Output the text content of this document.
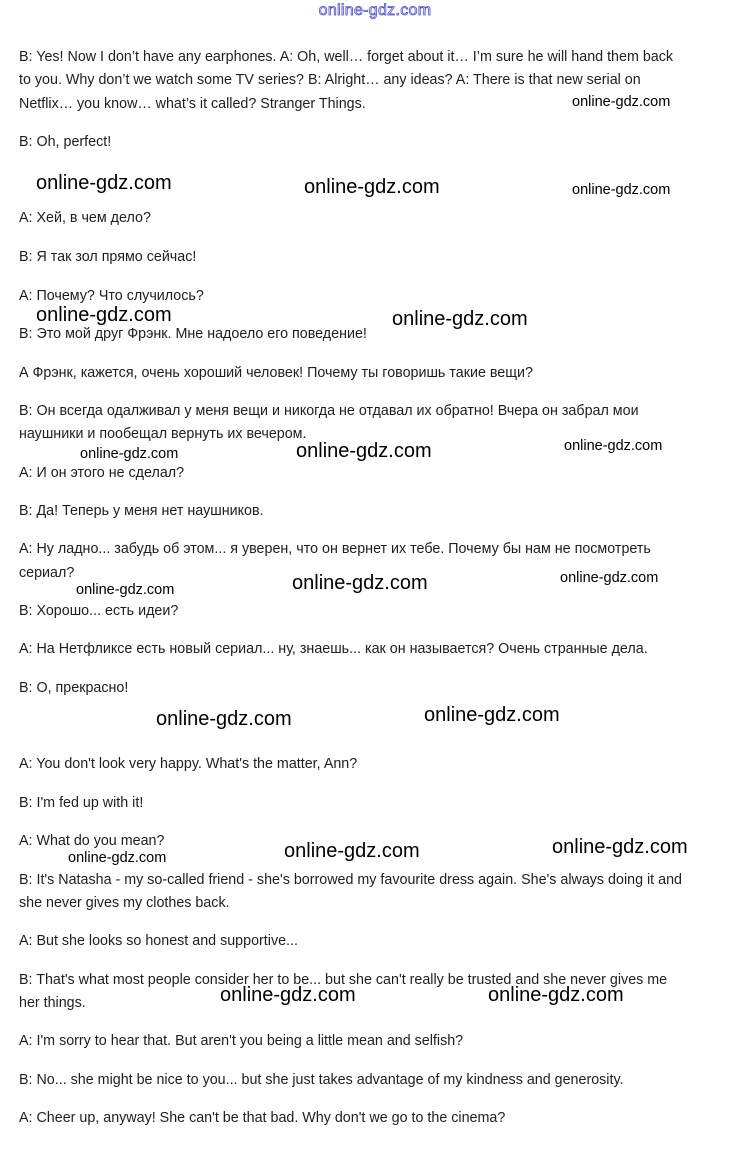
online-gdz.com
B: Yes! Now I don’t have any earphones. A: Oh, well… forget about it… I’m sure he will hand them back
to you. Why don’t we watch some TV series? B: Alright… any ideas? A: There is that new serial on
Netflix… you know… what’s it called? Stranger Things.
B: Oh, perfect!
A: Хей, в чем дело?
B: Я так зол прямо сейчас!
A: Почему? Что случилось?
B: Это мой друг Фрэнк. Мне надоело его поведение!
А Фрэнк, кажется, очень хороший человек! Почему ты говоришь такие вещи?
B: Он всегда одалживал у меня вещи и никогда не отдавал их обратно! Вчера он забрал мои
наушники и пообещал вернуть их вечером.
A: И он этого не сделал?
B: Да! Теперь у меня нет наушников.
A: Ну ладно... забудь об этом... я уверен, что он вернет их тебе. Почему бы нам не посмотреть
сериал?
B: Хорошо... есть идеи?
A: На Нетфликсе есть новый сериал... ну, знаешь... как он называется? Очень странные дела.
B: О, прекрасно!
A: You don't look very happy. What's the matter, Ann?
B: I'm fed up with it!
A: What do you mean?
B: It's Natasha - my so-called friend - she's borrowed my favourite dress again. She's always doing it and
she never gives my clothes back.
A: But she looks so honest and supportive...
B: That's what most people consider her to be... but she can't really be trusted and she never gives me
her things.
A: I'm sorry to hear that. But aren't you being a little mean and selfish?
B: No... she might be nice to you... but she just takes advantage of my kindness and generosity.
A: Cheer up, anyway! She can't be that bad. Why don't we go to the cinema?
online-gdz.com
online-gdz.com	online-gdz.com	online-gdz.com
online-gdz.com	online-gdz.com
online-gdz.com
online-gdz.com	online-gdz.com
online-gdz.com	online-gdz.com
online-gdz.com
online-gdz.com	online-gdz.com
online-gdz.com	online-gdz.com
online-gdz.com
online-gdz.com	online-gdz.com
